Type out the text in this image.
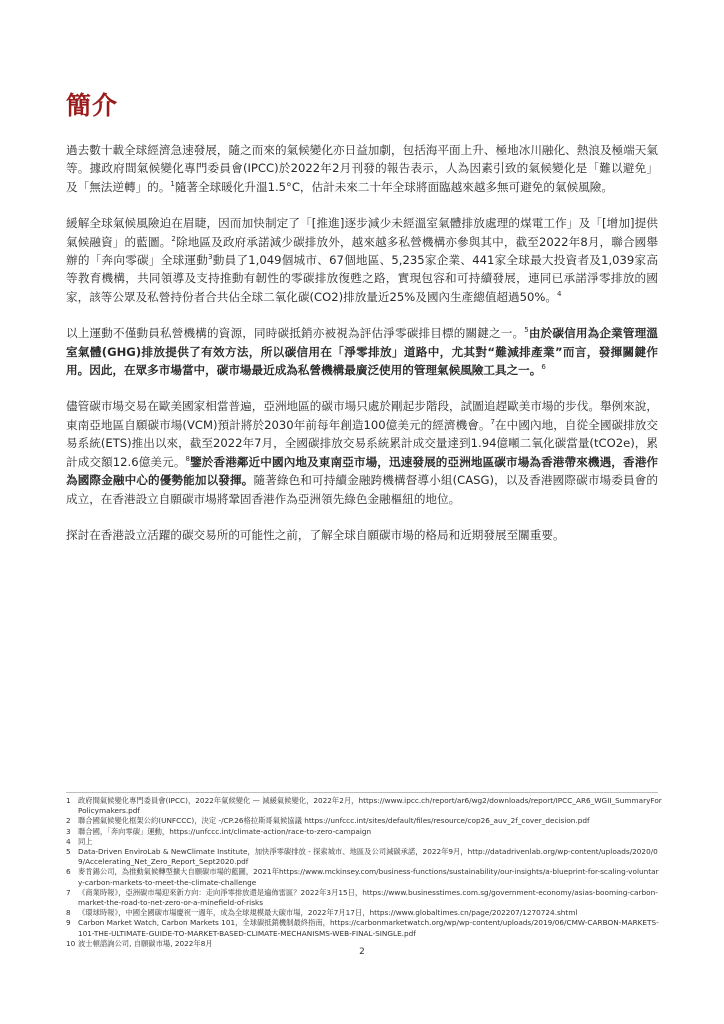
簡介

過去數十載全球經濟急速發展，隨之而來的氣候變化亦日益加劇，包括海平面上升、極地冰川融化、熱浪及極端天氣等。據政府間氣候變化專門委員會(IPCC)於2022年2月刊發的報告表示，人為因素引致的氣候變化是「難以避免」及「無法逆轉」的。$^1$隨著全球暖化升溫1.5°C，估計未來二十年全球將面臨越來越多無可避免的氣候風險。

緩解全球氣候風險迫在眉睫，因而加快制定了「[推進]逐步減少未經溫室氣體排放處理的煤電工作」及「[增加]提供氣候融資」的藍圖。$^2$除地區及政府承諾減少碳排放外，越來越多私營機構亦參與其中，截至2022年8月，聯合國舉辦的「奔向零碳」全球運動$^3$動員了1,049個城市、67個地區、5,235家企業、441家全球最大投資者及1,039家高等教育機構，共同領導及支持推動有韌性的零碳排放復甦之路，實現包容和可持續發展，連同已承諾淨零排放的國家，該等公眾及私營持份者合共佔全球二氧化碳(CO2)排放量近25%及國內生產總值超過50%。$^4$

以上運動不僅動員私營機構的資源，同時碳抵銷亦被視為評估淨零碳排目標的關鍵之一。$^5$由於碳信用為企業管理溫室氣體(GHG)排放提供了有效方法，所以碳信用在「淨零排放」道路中，尤其對“難減排產業”而言，發揮關鍵作用。因此，在眾多市場當中，碳市場最近成為私營機構最廣泛使用的管理氣候風險工具之一。$^6$

儘管碳市場交易在歐美國家相當普遍，亞洲地區的碳市場只處於剛起步階段，試圖追趕歐美市場的步伐。舉例來說，東南亞地區自願碳市場(VCM)預計將於2030年前每年創造100億美元的經濟機會。$^7$在中國內地，自從全國碳排放交易系統(ETS)推出以來，截至2022年7月，全國碳排放交易系統累計成交量達到1.94億噸二氧化碳當量(tCO2e)，累計成交額12.6億美元。$^8$鑒於香港鄰近中國內地及東南亞市場，迅速發展的亞洲地區碳市場為香港帶來機遇，香港作為國際金融中心的優勢能加以發揮。隨著綠色和可持續金融跨機構督導小組(CASG)，以及香港國際碳市場委員會的成立，在香港設立自願碳市場將鞏固香港作為亞洲領先綠色金融樞紐的地位。

探討在香港設立活躍的碳交易所的可能性之前，了解全球自願碳市場的格局和近期發展至關重要。

1	政府間氣候變化專門委員會(IPCC)，2022年氣候變化 — 減緩氣候變化，2022年2月，https://www.ipcc.ch/report/ar6/wg2/downloads/report/IPCC_AR6_WGII_SummaryForPolicymakers.pdf
2	聯合國氣候變化框架公約(UNFCCC)，決定 -/CP.26格拉斯哥氣候協議 https://unfccc.int/sites/default/files/resource/cop26_auv_2f_cover_decision.pdf
3	聯合國，「奔向零碳」運動，https://unfccc.int/climate-action/race-to-zero-campaign
4	同上
5	Data-Driven EnviroLab & NewClimate Institute，加快淨零碳排放 - 探索城市、地區及公司減碳承諾，2022年9月，http://datadrivenlab.org/wp-content/uploads/2020/09/Accelerating_Net_Zero_Report_Sept2020.pdf
6	麥肯錫公司，為推動氣候轉型擴大自願碳市場的藍圖，2021年https://www.mckinsey.com/business-functions/sustainability/our-insights/a-blueprint-for-scaling-voluntary-carbon-markets-to-meet-the-climate-challenge
7	《商業時報》，亞洲碳市場迎來新方向：走向淨零排放還是遍佈雷區？2022年3月15日，https://www.businesstimes.com.sg/government-economy/asias-booming-carbon-market-the-road-to-net-zero-or-a-minefield-of-risks
8	《環球時報》，中國全國碳市場慶祝一週年，成為全球規模最大碳市場，2022年7月17日，https://www.globaltimes.cn/page/202207/1270724.shtml
9	Carbon Market Watch, Carbon Markets 101，全球碳抵銷機制最終指南，https://carbonmarketwatch.org/wp/wp-content/uploads/2019/06/CMW-CARBON-MARKETS-101-THE-ULTIMATE-GUIDE-TO-MARKET-BASED-CLIMATE-MECHANISMS-WEB-FINAL-SINGLE.pdf
10 波士頓諮詢公司, 自願碳市場, 2022年8月
2
